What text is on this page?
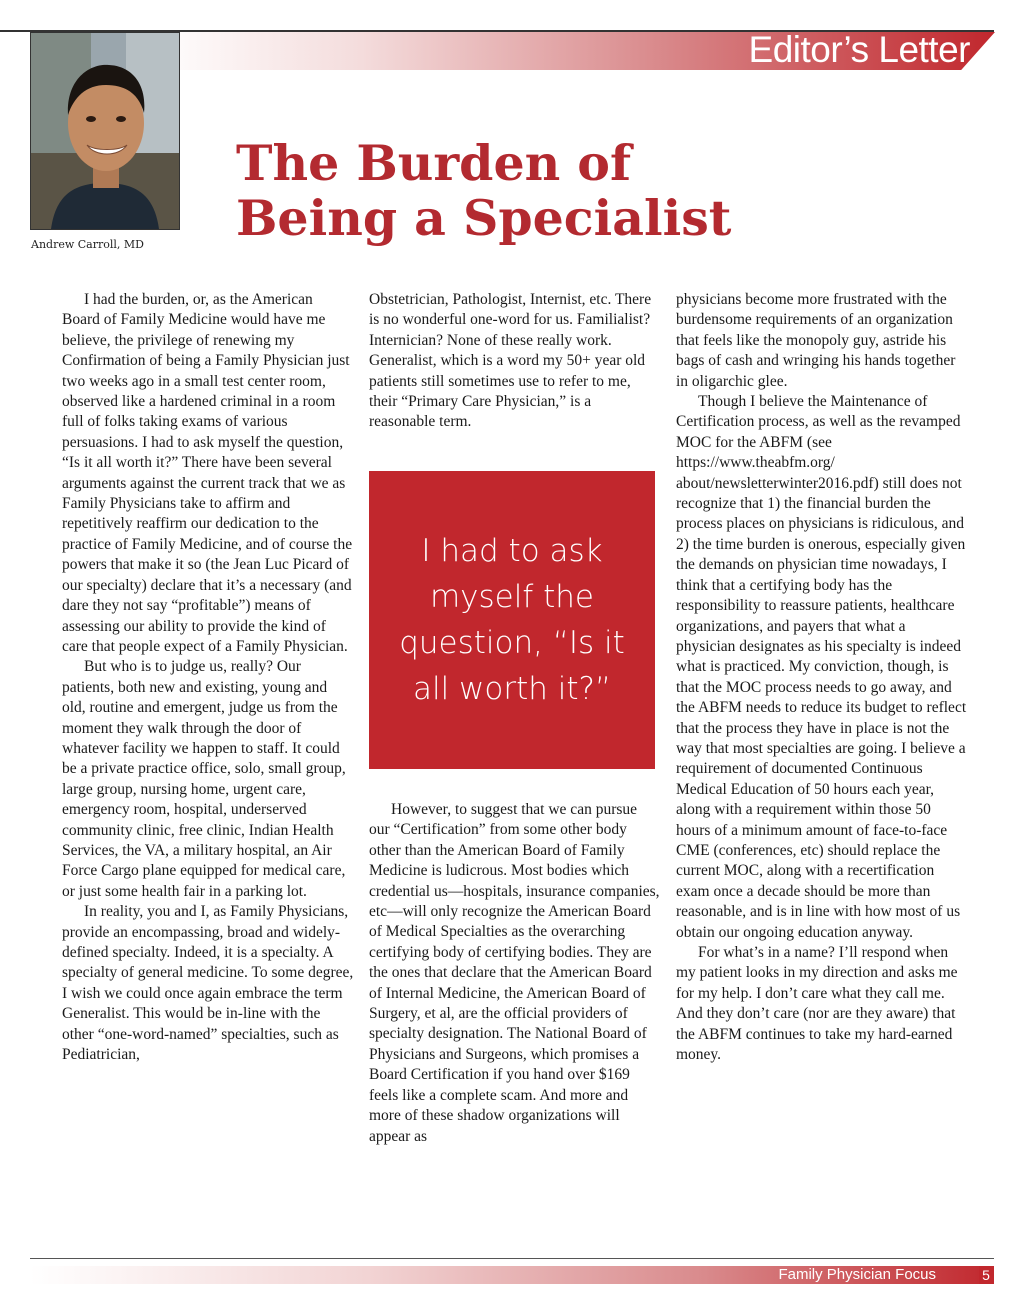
Editor’s Letter
Andrew Carroll, MD
The Burden of
Being a Specialist

I had the burden, or, as the American Board of Family Medicine would have me believe, the privilege of renewing my Confirmation of being a Family Physician just two weeks ago in a small test center room, observed like a hardened criminal in a room full of folks taking exams of various persuasions. I had to ask myself the question, “Is it all worth it?” There have been several arguments against the current track that we as Family Physicians take to affirm and repetitively reaffirm our dedication to the practice of Family Medicine, and of course the powers that make it so (the Jean Luc Picard of our specialty) declare that it’s a necessary (and dare they not say “profitable”) means of assessing our ability to provide the kind of care that people expect of a Family Physician.

But who is to judge us, really? Our patients, both new and existing, young and old, routine and emergent, judge us from the moment they walk through the door of whatever facility we happen to staff. It could be a private practice office, solo, small group, large group, nursing home, urgent care, emergency room, hospital, underserved community clinic, free clinic, Indian Health Services, the VA, a military hospital, an Air Force Cargo plane equipped for medical care, or just some health fair in a parking lot.

In reality, you and I, as Family Physicians, provide an encompassing, broad and widely-defined specialty. Indeed, it is a specialty. A specialty of general medicine. To some degree, I wish we could once again embrace the term Generalist. This would be in-line with the other “one-word-named” specialties, such as Pediatrician,

Obstetrician, Pathologist, Internist, etc. There is no wonderful one-word for us. Familialist? Internician? None of these really work. Generalist, which is a word my 50+ year old patients still sometimes use to refer to me, their “Primary Care Physician,” is a reasonable term.

I had to ask myself the question, “Is it all worth it?”

However, to suggest that we can pursue our “Certification” from some other body other than the American Board of Family Medicine is ludicrous. Most bodies which credential us—hospitals, insurance companies, etc—will only recognize the American Board of Medical Specialties as the overarching certifying body of certifying bodies. They are the ones that declare that the American Board of Internal Medicine, the American Board of Surgery, et al, are the official providers of specialty designation. The National Board of Physicians and Surgeons, which promises a Board Certification if you hand over $169 feels like a complete scam. And more and more of these shadow organizations will appear as

physicians become more frustrated with the burdensome requirements of an organization that feels like the monopoly guy, astride his bags of cash and wringing his hands together in oligarchic glee.

Though I believe the Maintenance of Certification process, as well as the revamped MOC for the ABFM (see https://www.theabfm.org/ about/newsletterwinter2016.pdf) still does not recognize that 1) the financial burden the process places on physicians is ridiculous, and 2) the time burden is onerous, especially given the demands on physician time nowadays, I think that a certifying body has the responsibility to reassure patients, healthcare organizations, and payers that what a physician designates as his specialty is indeed what is practiced. My conviction, though, is that the MOC process needs to go away, and the ABFM needs to reduce its budget to reflect that the process they have in place is not the way that most specialties are going. I believe a requirement of documented Continuous Medical Education of 50 hours each year, along with a requirement within those 50 hours of a minimum amount of face-to-face CME (conferences, etc) should replace the current MOC, along with a recertification exam once a decade should be more than reasonable, and is in line with how most of us obtain our ongoing education anyway.

For what’s in a name? I’ll respond when my patient looks in my direction and asks me for my help. I don’t care what they call me. And they don’t care (nor are they aware) that the ABFM continues to take my hard-earned money.

Family Physician Focus	5
